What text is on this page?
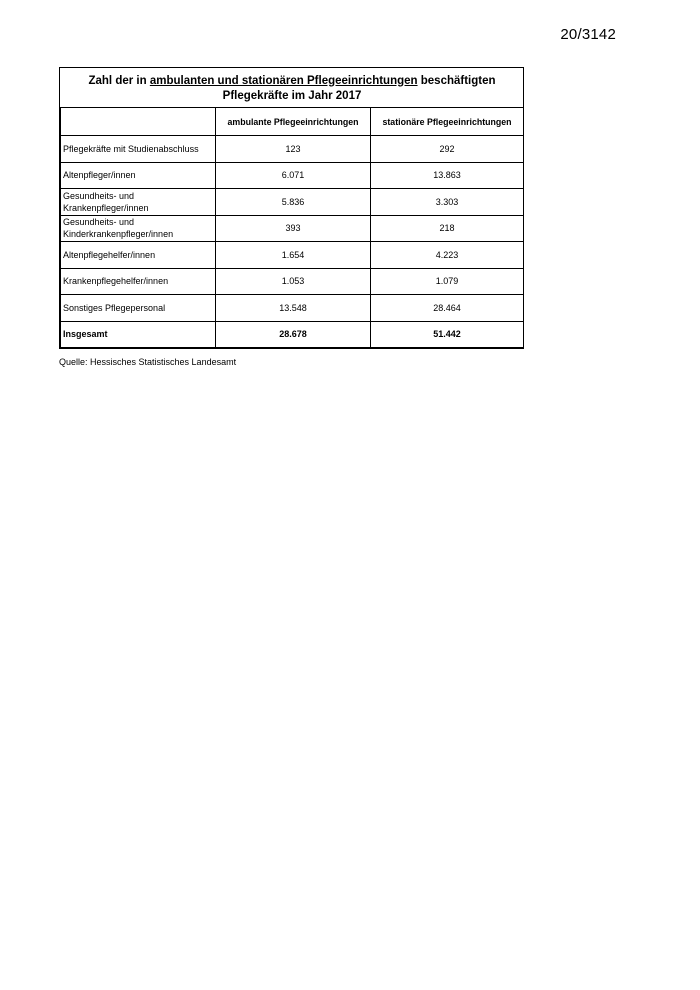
20/3142
Zahl der in ambulanten und stationären Pflegeeinrichtungen beschäftigten
Pflegekräfte im Jahr 2017		
	ambulante Pflegeeinrichtungen	stationäre Pflegeeinrichtungen
Pflegekräfte mit Studienabschluss	123	292
Altenpfleger/innen	6.071	13.863
Gesundheits- und Krankenpfleger/innen	5.836	3.303
Gesundheits- und Kinderkrankenpfleger/innen	393	218
Altenpflegehelfer/innen	1.654	4.223
Krankenpflegehelfer/innen	1.053	1.079
Sonstiges Pflegepersonal	13.548	28.464
Insgesamt	28.678	51.442
Quelle: Hessisches Statistisches Landesamt
